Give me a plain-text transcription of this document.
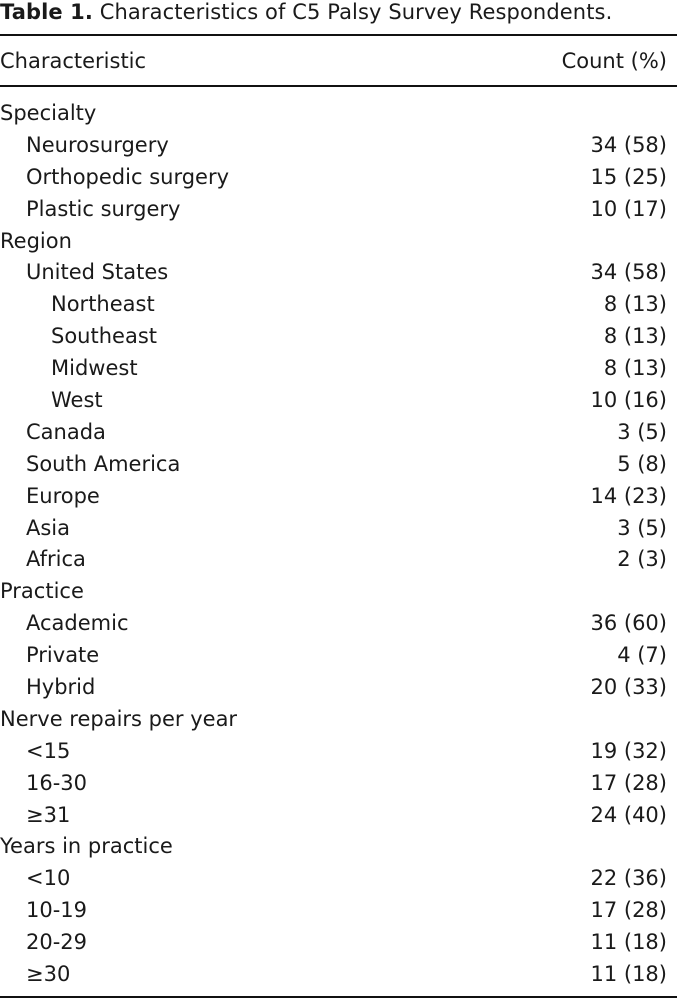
Table 1. Characteristics of C5 Palsy Survey Respondents.
Characteristic	Count (%)
Specialty
Neurosurgery	34 (58)
Orthopedic surgery	15 (25)
Plastic surgery	10 (17)
Region
United States	34 (58)
Northeast	8 (13)
Southeast	8 (13)
Midwest	8 (13)
West	10 (16)
Canada	3 (5)
South America	5 (8)
Europe	14 (23)
Asia	3 (5)
Africa	2 (3)
Practice
Academic	36 (60)
Private	4 (7)
Hybrid	20 (33)
Nerve repairs per year
<15	19 (32)
16-30	17 (28)
≥31	24 (40)
Years in practice
<10	22 (36)
10-19	17 (28)
20-29	11 (18)
≥30	11 (18)
